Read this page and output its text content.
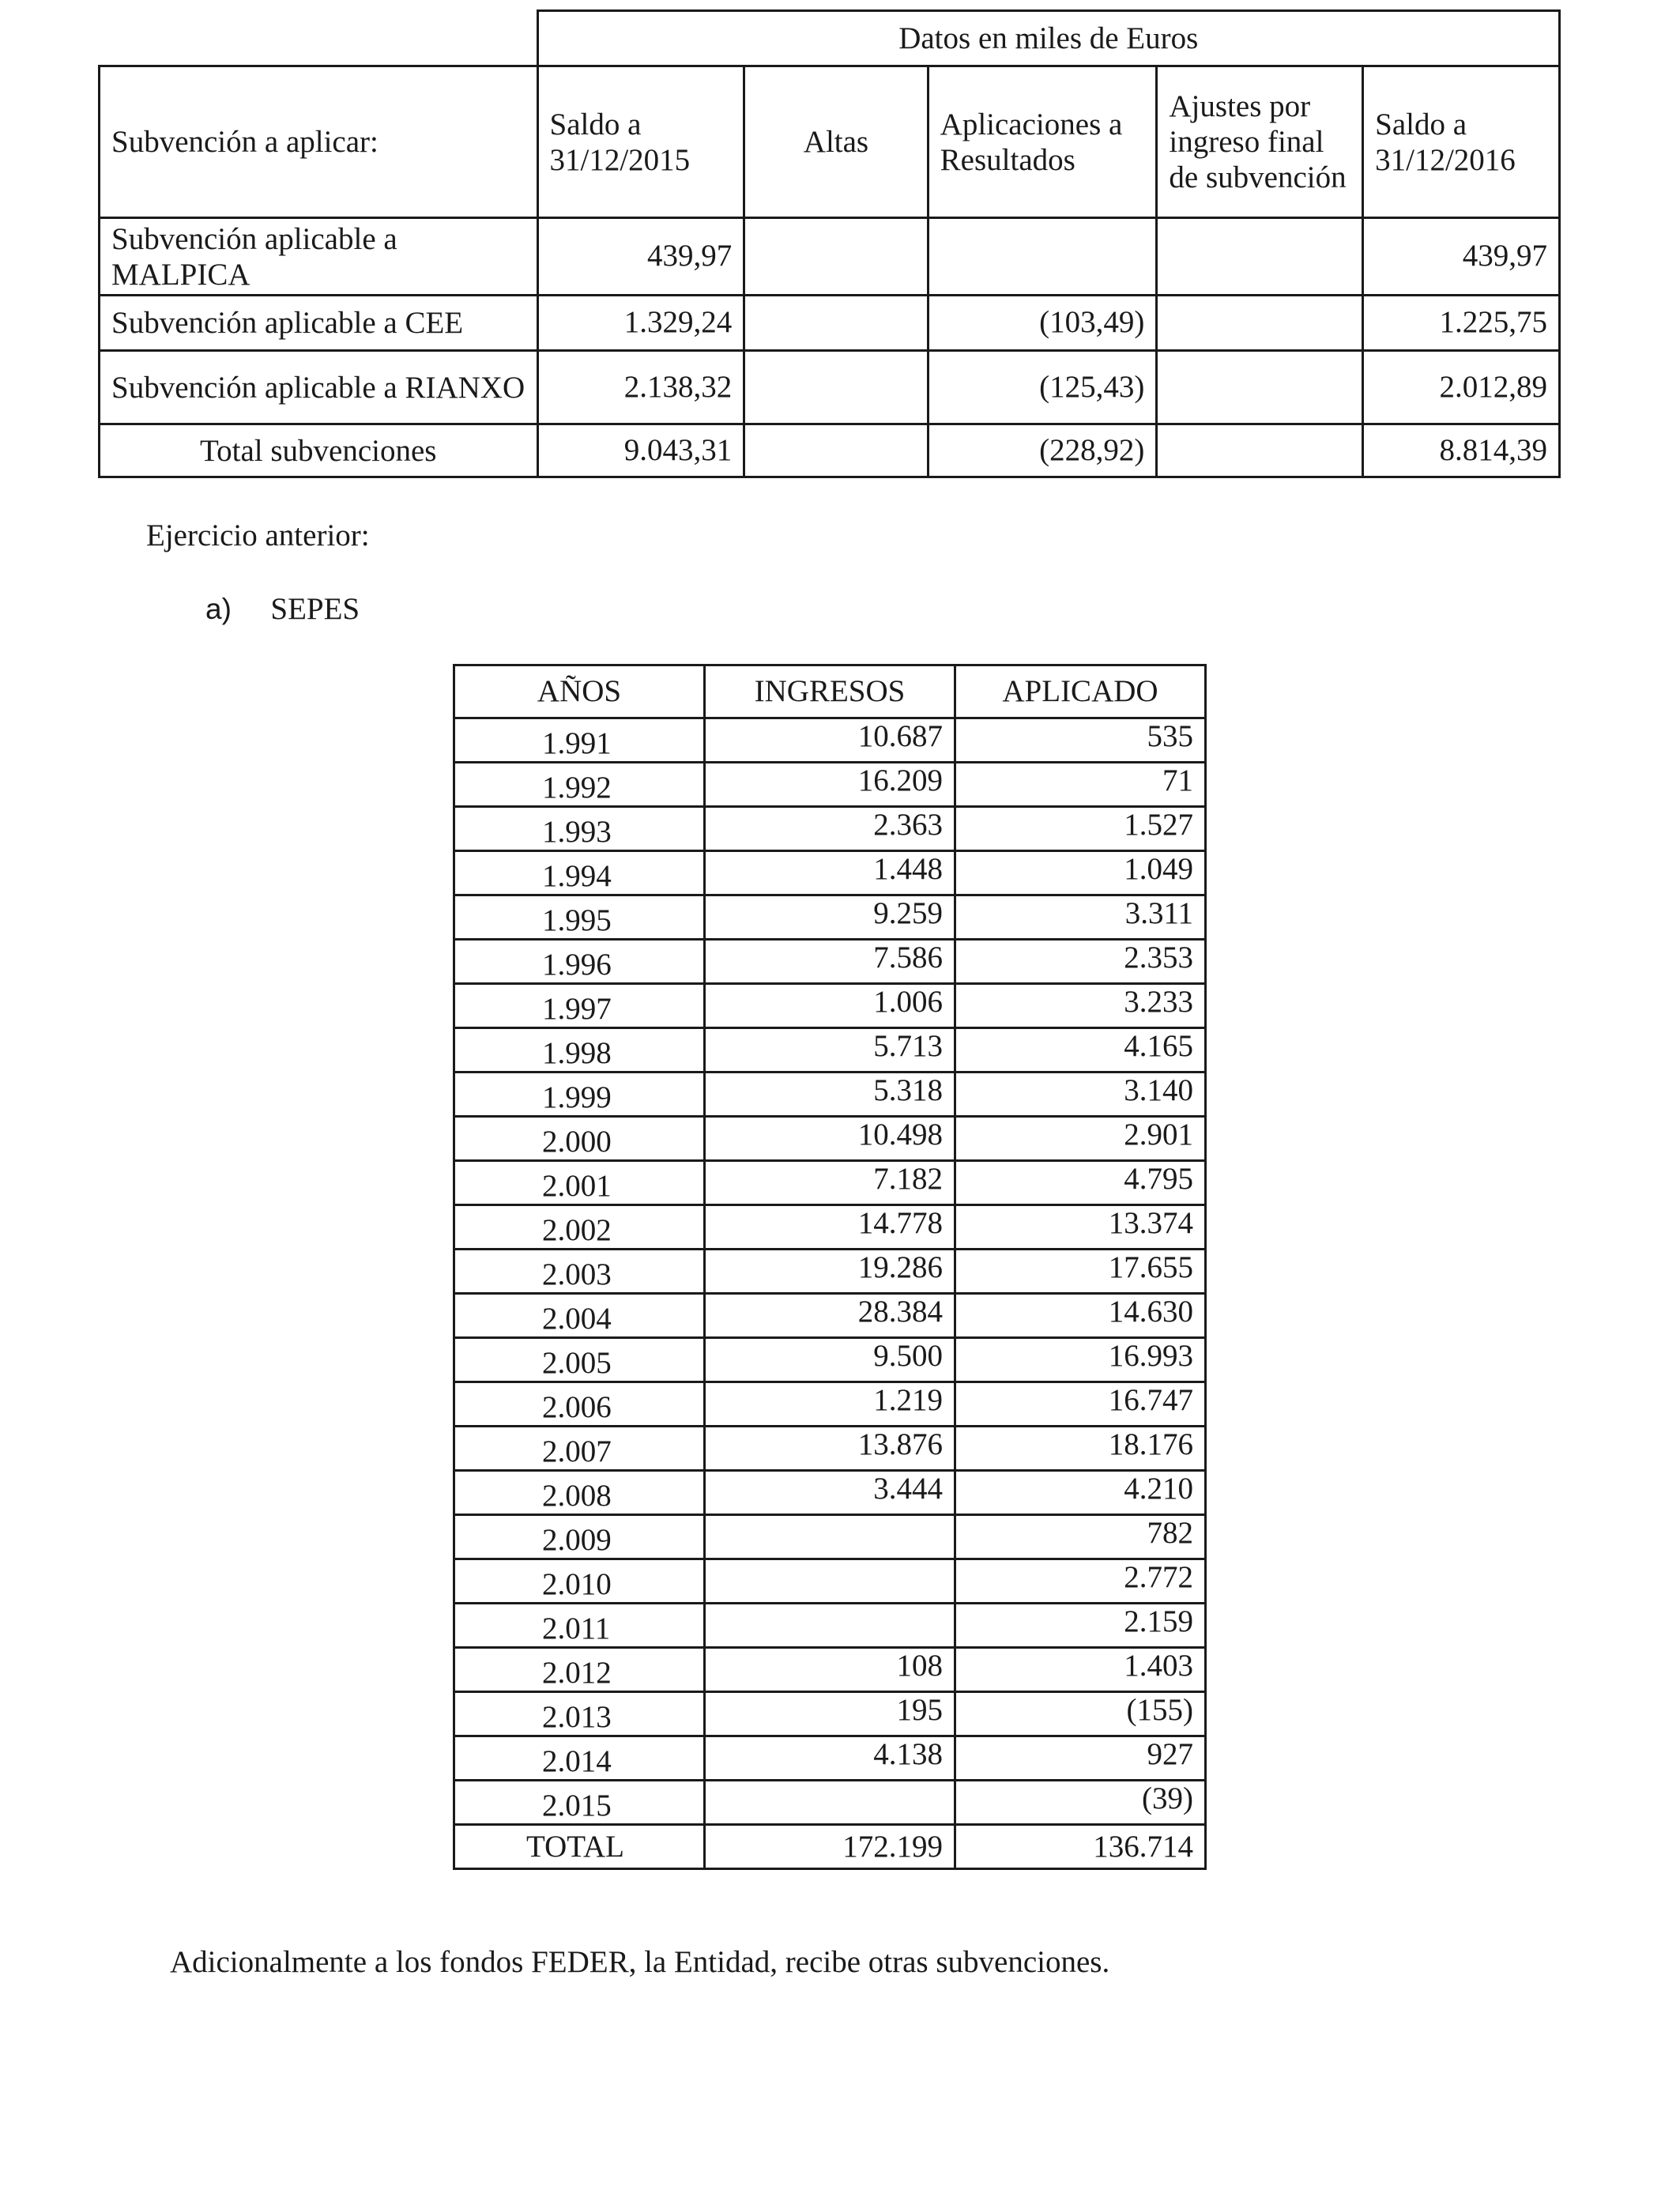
	Datos en miles de Euros				
Subvención a aplicar:	Saldo a 31/12/2015	Altas	Aplicaciones a Resultados	Ajustes por ingreso final de subvención	Saldo a 31/12/2016
Subvención aplicable a MALPICA	439,97				439,97
Subvención aplicable a CEE	1.329,24		(103,49)		1.225,75
Subvención aplicable a RIANXO	2.138,32		(125,43)		2.012,89
Total subvenciones	9.043,31		(228,92)		8.814,39
Ejercicio anterior:
a) SEPES
AÑOS	INGRESOS	APLICADO
1.991	10.687	535
1.992	16.209	71
1.993	2.363	1.527
1.994	1.448	1.049
1.995	9.259	3.311
1.996	7.586	2.353
1.997	1.006	3.233
1.998	5.713	4.165
1.999	5.318	3.140
2.000	10.498	2.901
2.001	7.182	4.795
2.002	14.778	13.374
2.003	19.286	17.655
2.004	28.384	14.630
2.005	9.500	16.993
2.006	1.219	16.747
2.007	13.876	18.176
2.008	3.444	4.210
2.009		782
2.010		2.772
2.011		2.159
2.012	108	1.403
2.013	195	(155)
2.014	4.138	927
2.015		(39)
TOTAL	172.199	136.714
Adicionalmente a los fondos FEDER, la Entidad, recibe otras subvenciones.
